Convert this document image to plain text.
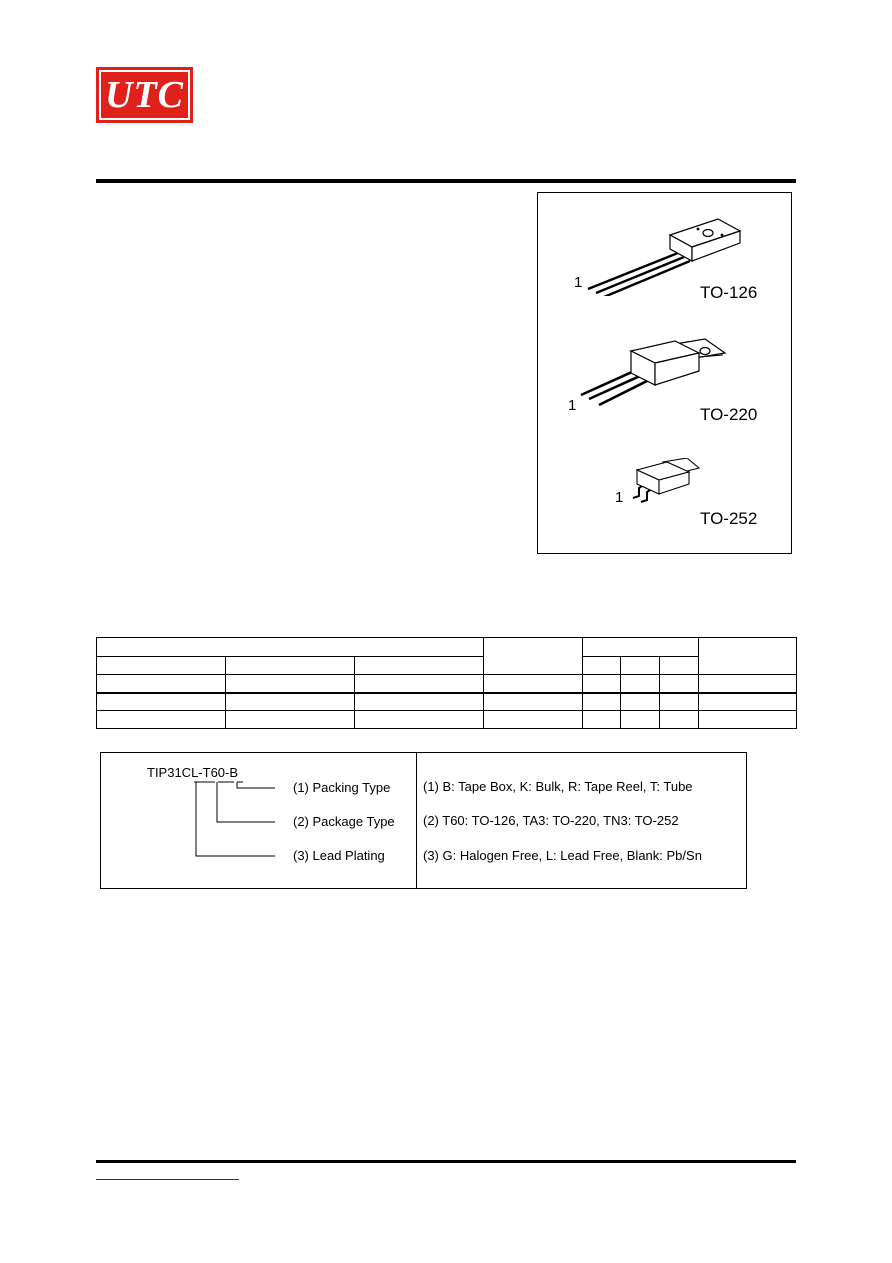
UTC
1
TO-126
1	TO-220
1
TO-252

TIP31CL-T60-B
(1) Packing Type
(2) Package Type
(3) Lead Plating
(1) B: Tape Box, K: Bulk, R: Tape Reel, T: Tube
(2) T60: TO-126, TA3: TO-220, TN3: TO-252
(3) G: Halogen Free, L: Lead Free, Blank: Pb/Sn
